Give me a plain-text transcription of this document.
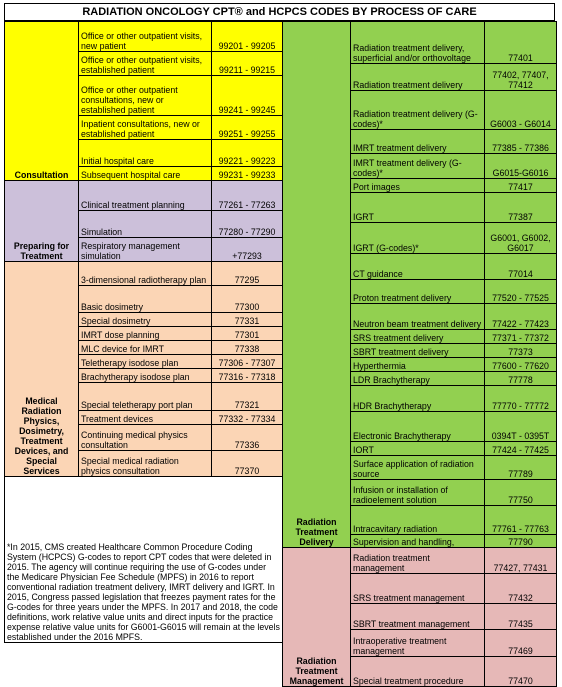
RADIATION ONCOLOGY CPT® and HCPCS CODES BY PROCESS OF CARE
Consultation	Office or other outpatient visits, new patient	99201 - 99205
	Office or other outpatient visits, established patient	99211 - 99215
	Office or other outpatient consultations, new or established patient	99241 - 99245
	Inpatient consultations, new or established patient	99251 - 99255
	Initial hospital care	99221 - 99223
	Subsequent hospital care	99231 - 99233
Preparing for Treatment	Clinical treatment planning	77261 - 77263
	Simulation	77280 - 77290
	Respiratory management simulation	+77293
Medical Radiation Physics, Dosimetry, Treatment Devices, and Special Services	3-dimensional radiotherapy plan	77295
	Basic dosimetry	77300
	Special dosimetry	77331
	IMRT dose planning	77301
	MLC device for IMRT	77338
	Teletherapy isodose plan	77306 - 77307
	Brachytherapy isodose plan	77316 - 77318
	Special teletherapy port plan	77321
	Treatment devices	77332 - 77334
	Continuing medical physics consultation	77336
	Special medical radiation physics consultation	77370
*In 2015, CMS created Healthcare Common Procedure Coding System (HCPCS) G-codes to report CPT codes that were deleted in 2015. The agency will continue requiring the use of G-codes under the Medicare Physician Fee Schedule (MPFS) in 2016 to report conventional radiation treatment delivery, IMRT delivery and IGRT. In 2015, Congress passed legislation that freezes payment rates for the G-codes for three years under the MPFS. In 2017 and 2018, the code definitions, work relative value units and direct inputs for the practice expense relative value units for G6001-G6015 will remain at the levels established under the 2016 MPFS.		
Radiation Treatment Delivery	Radiation treatment delivery, superficial and/or orthovoltage	77401
	Radiation treatment delivery	77402, 77407, 77412
	Radiation treatment delivery (G-codes)*	G6003 - G6014
	IMRT treatment delivery	77385 - 77386
	IMRT treatment delivery (G-codes)*	G6015-G6016
	Port images	77417
	IGRT	77387
	IGRT (G-codes)*	G6001, G6002, G6017
	CT guidance	77014
	Proton treatment delivery	77520 - 77525
	Neutron beam treatment delivery	77422 - 77423
	SRS treatment delivery	77371 - 77372
	SBRT treatment delivery	77373
	Hyperthermia	77600 - 77620
	LDR Brachytherapy	77778
	HDR Brachytherapy	77770 - 77772
	Electronic Brachytherapy	0394T - 0395T
	IORT	77424 - 77425
	Surface application of radiation source	77789
	Infusion or installation of radioelement solution	77750
	Intracavitary radiation	77761 - 77763
	Supervision and handling,	77790
Radiation Treatment Management	Radiation treatment management	77427, 77431
	SRS treatment management	77432
	SBRT treatment management	77435
	Intraoperative treatment management	77469
	Special treatment procedure	77470
